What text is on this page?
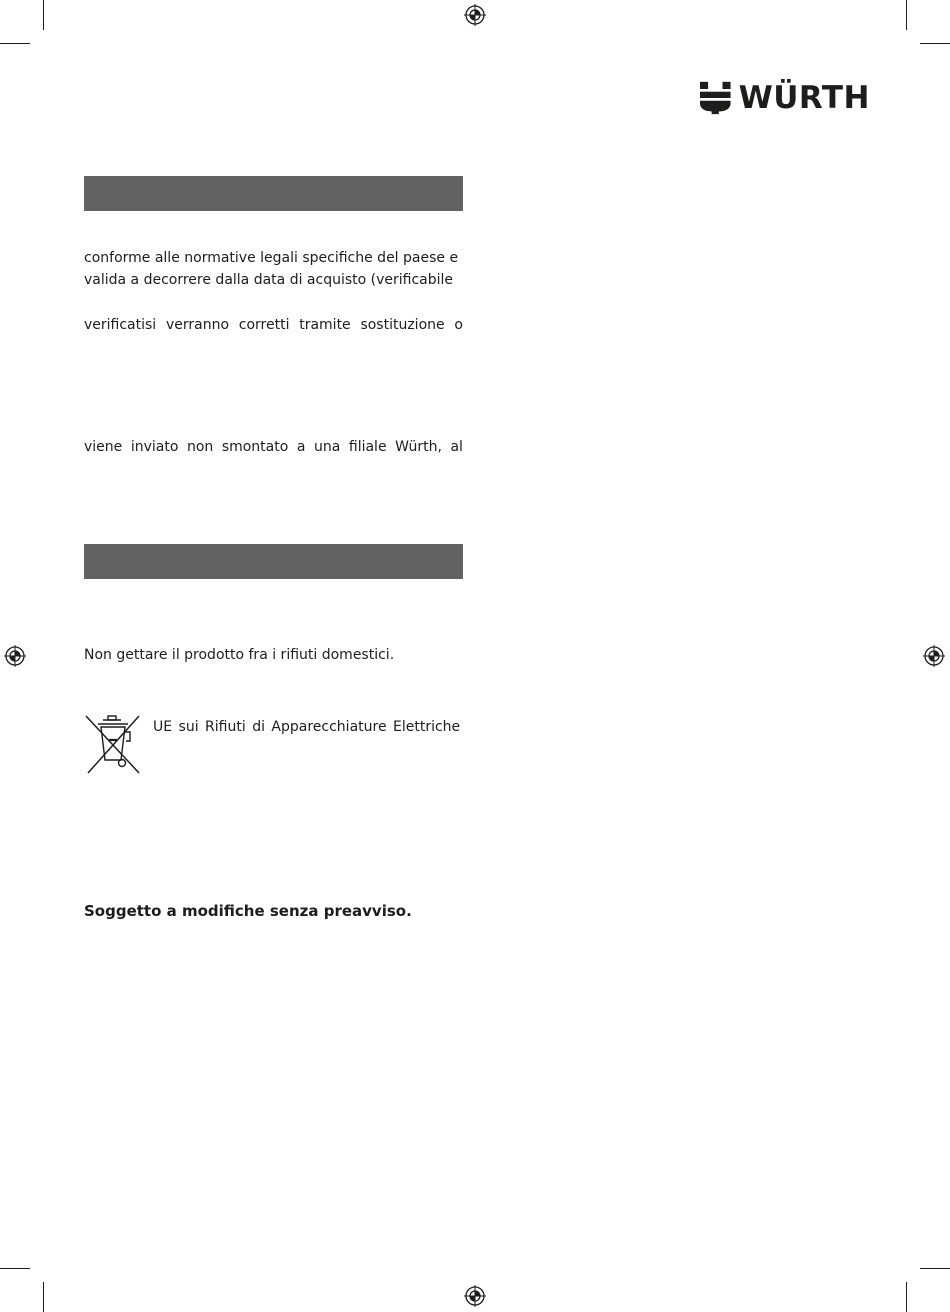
WÜRTH
conforme alle normative legali specifiche del paese e
valida a decorrere dalla data di acquisto (verificabile
verificatisi verranno corretti tramite sostituzione o
viene inviato non smontato a una filiale Würth, al
Non gettare il prodotto fra i rifiuti domestici.
UE sui Rifiuti di Apparecchiature Elettriche
Soggetto a modifiche senza preavviso.
